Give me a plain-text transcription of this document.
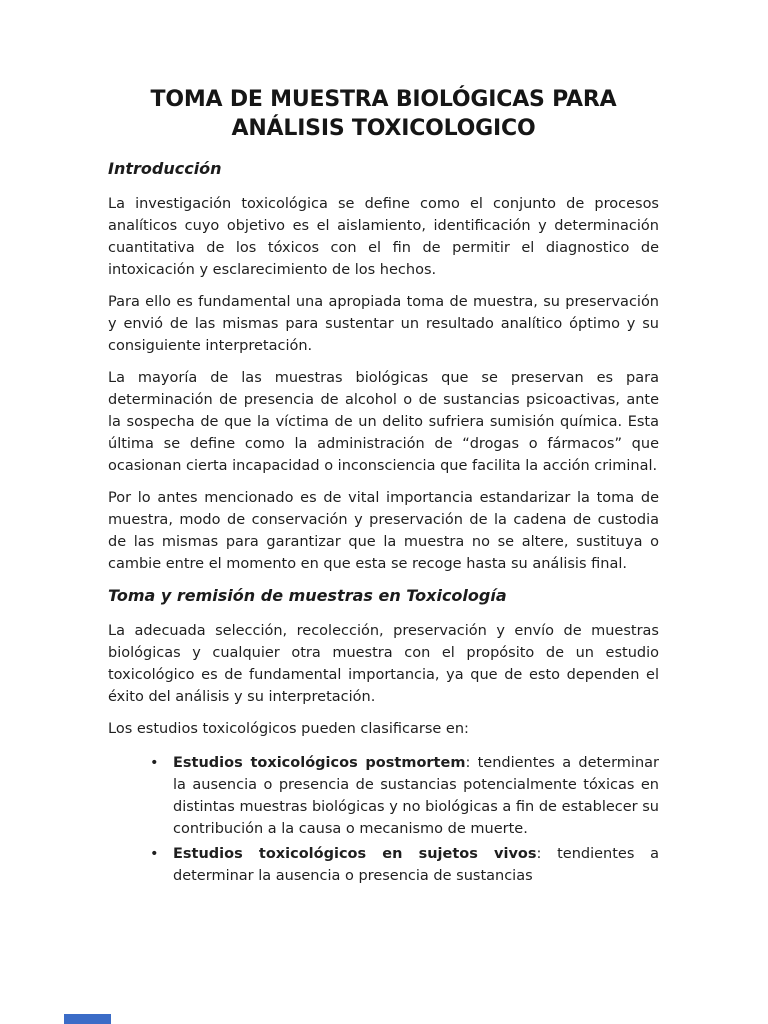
TOMA DE MUESTRA BIOLÓGICAS PARA ANÁLISIS TOXICOLOGICO
Introducción

La investigación toxicológica se define como el conjunto de procesos analíticos cuyo objetivo es el aislamiento, identificación y determinación cuantitativa de los tóxicos con el fin de permitir el diagnostico de intoxicación y esclarecimiento de los hechos.

Para ello es fundamental una apropiada toma de muestra, su preservación y envió de las mismas para sustentar un resultado analítico óptimo y su consiguiente interpretación.

La mayoría de las muestras biológicas que se preservan es para determinación de presencia de alcohol o de sustancias psicoactivas, ante la sospecha de que la víctima de un delito sufriera sumisión química. Esta última se define como la administración de “drogas o fármacos” que ocasionan cierta incapacidad o inconsciencia que facilita la acción criminal.

Por lo antes mencionado es de vital importancia estandarizar la toma de muestra, modo de conservación y preservación de la cadena de custodia de las mismas para garantizar que la muestra no se altere, sustituya o cambie entre el momento en que esta se recoge hasta su análisis final.

Toma y remisión de muestras en Toxicología

La adecuada selección, recolección, preservación y envío de muestras biológicas y cualquier otra muestra con el propósito de un estudio toxicológico es de fundamental importancia, ya que de esto dependen el éxito del análisis y su interpretación.

Los estudios toxicológicos pueden clasificarse en:

• Estudios toxicológicos postmortem: tendientes a determinar la ausencia o presencia de sustancias potencialmente tóxicas en distintas muestras biológicas y no biológicas a fin de establecer su contribución a la causa o mecanismo de muerte.
• Estudios toxicológicos en sujetos vivos: tendientes a determinar la ausencia o presencia de sustancias
